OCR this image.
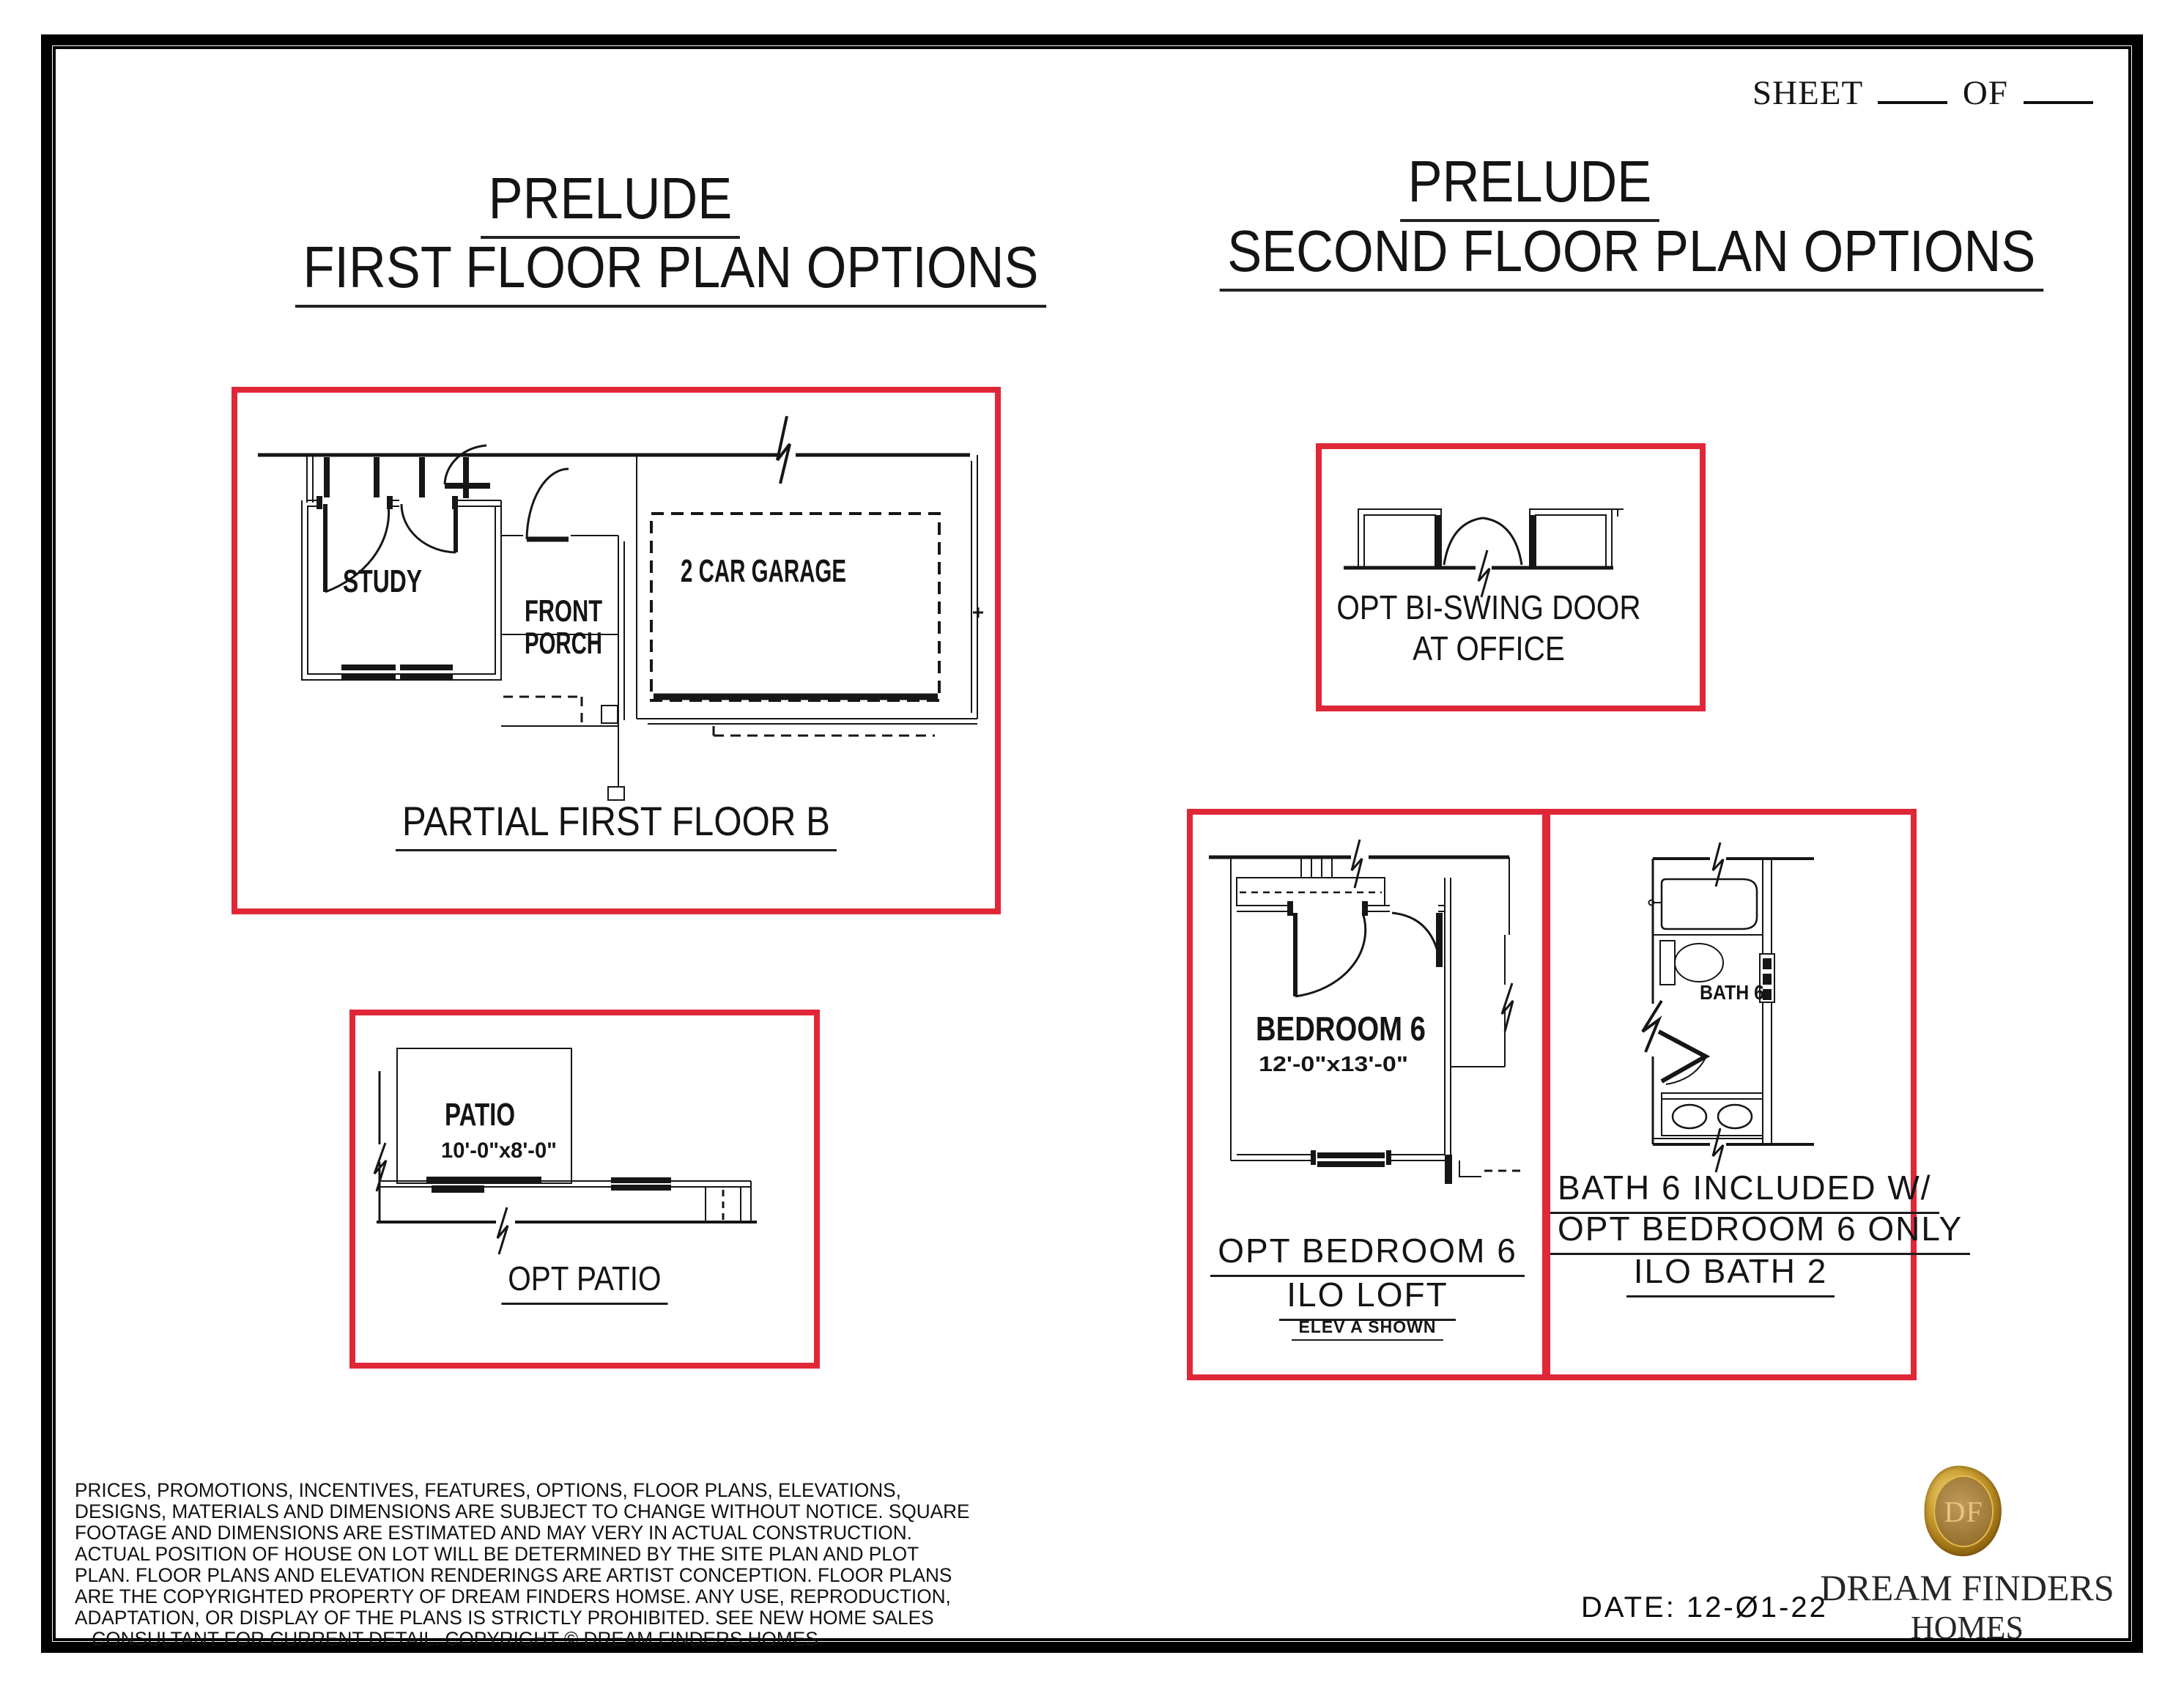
SHEET	OF
PRELUDE
FIRST FLOOR PLAN OPTIONS
PRELUDE
SECOND FLOOR PLAN OPTIONS
STUDY
FRONT
PORCH
2 CAR GARAGE
PARTIAL FIRST FLOOR B
PATIO
10'-0"x8'-0"
OPT PATIO
OPT BI-SWING DOOR
AT OFFICE
BEDROOM 6
12'-0"x13'-0"
OPT BEDROOM 6
ILO LOFT
ELEV A SHOWN
BATH 6
BATH 6 INCLUDED W/
OPT BEDROOM 6 ONLY
ILO BATH 2
PRICES, PROMOTIONS, INCENTIVES, FEATURES, OPTIONS, FLOOR PLANS, ELEVATIONS,
DESIGNS, MATERIALS AND DIMENSIONS ARE SUBJECT TO CHANGE WITHOUT NOTICE. SQUARE
FOOTAGE AND DIMENSIONS ARE ESTIMATED AND MAY VERY IN ACTUAL CONSTRUCTION.
ACTUAL POSITION OF HOUSE ON LOT WILL BE DETERMINED BY THE SITE PLAN AND PLOT
PLAN. FLOOR PLANS AND ELEVATION RENDERINGS ARE ARTIST CONCEPTION. FLOOR PLANS
ARE THE COPYRIGHTED PROPERTY OF DREAM FINDERS HOMSE. ANY USE, REPRODUCTION,
ADAPTATION, OR DISPLAY OF THE PLANS IS STRICTLY PROHIBITED. SEE NEW HOME SALES
CONSULTANT FOR CURRENT DETAIL. COPYRIGHT © DREAM FINDERS HOMES
DF
DREAM FINDERS
HOMES
DATE: 12-Ø1-22
